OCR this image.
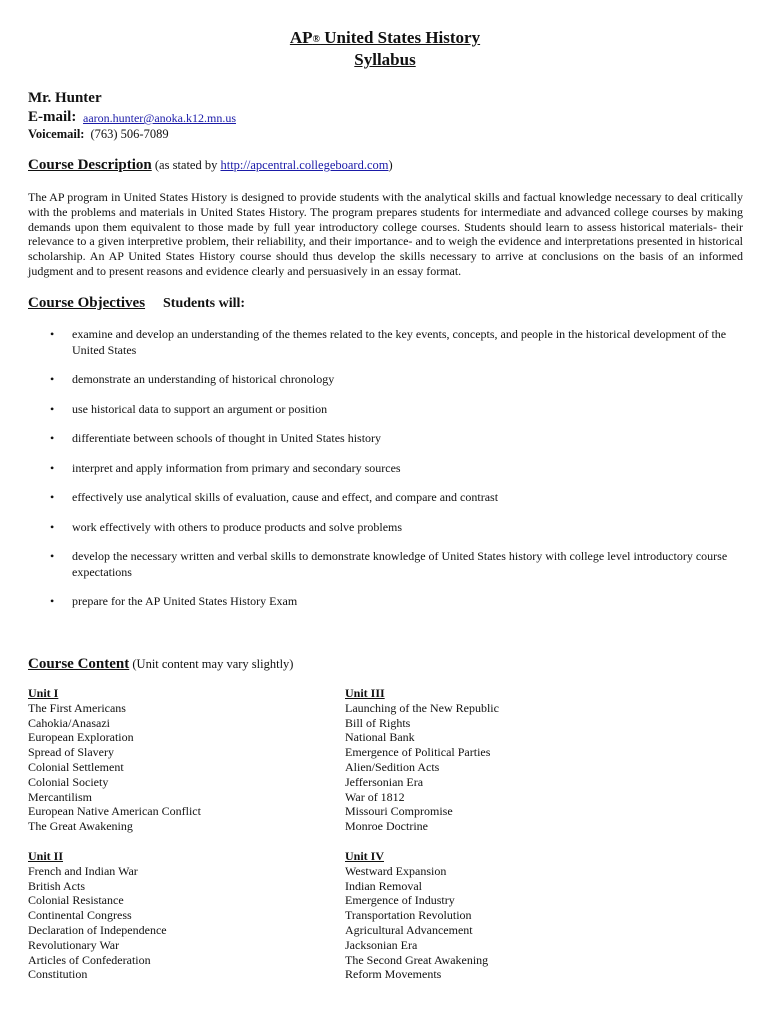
AP® United States History
Syllabus
Mr. Hunter
E-mail: aaron.hunter@anoka.k12.mn.us
Voicemail: (763) 506-7089
Course Description (as stated by http://apcentral.collegeboard.com)
The AP program in United States History is designed to provide students with the analytical skills and factual knowledge necessary to deal critically with the problems and materials in United States History. The program prepares students for intermediate and advanced college courses by making demands upon them equivalent to those made by full year introductory college courses. Students should learn to assess historical materials- their relevance to a given interpretive problem, their reliability, and their importance- and to weigh the evidence and interpretations presented in historical scholarship. An AP United States History course should thus develop the skills necessary to arrive at conclusions on the basis of an informed judgment and to present reasons and evidence clearly and persuasively in an essay format.
Course Objectives Students will:
• examine and develop an understanding of the themes related to the key events, concepts, and people in the historical development of the United States
• demonstrate an understanding of historical chronology
• use historical data to support an argument or position
• differentiate between schools of thought in United States history
• interpret and apply information from primary and secondary sources
• effectively use analytical skills of evaluation, cause and effect, and compare and contrast
• work effectively with others to produce products and solve problems
• develop the necessary written and verbal skills to demonstrate knowledge of United States history with college level introductory course expectations
• prepare for the AP United States History Exam
Course Content (Unit content may vary slightly)
Unit I
The First Americans
Cahokia/Anasazi
European Exploration
Spread of Slavery
Colonial Settlement
Colonial Society
Mercantilism
European Native American Conflict
The Great Awakening
Unit III
Launching of the New Republic
Bill of Rights
National Bank
Emergence of Political Parties
Alien/Sedition Acts
Jeffersonian Era
War of 1812
Missouri Compromise
Monroe Doctrine
Unit II
French and Indian War
British Acts
Colonial Resistance
Continental Congress
Declaration of Independence
Revolutionary War
Articles of Confederation
Constitution
Unit IV
Westward Expansion
Indian Removal
Emergence of Industry
Transportation Revolution
Agricultural Advancement
Jacksonian Era
The Second Great Awakening
Reform Movements
